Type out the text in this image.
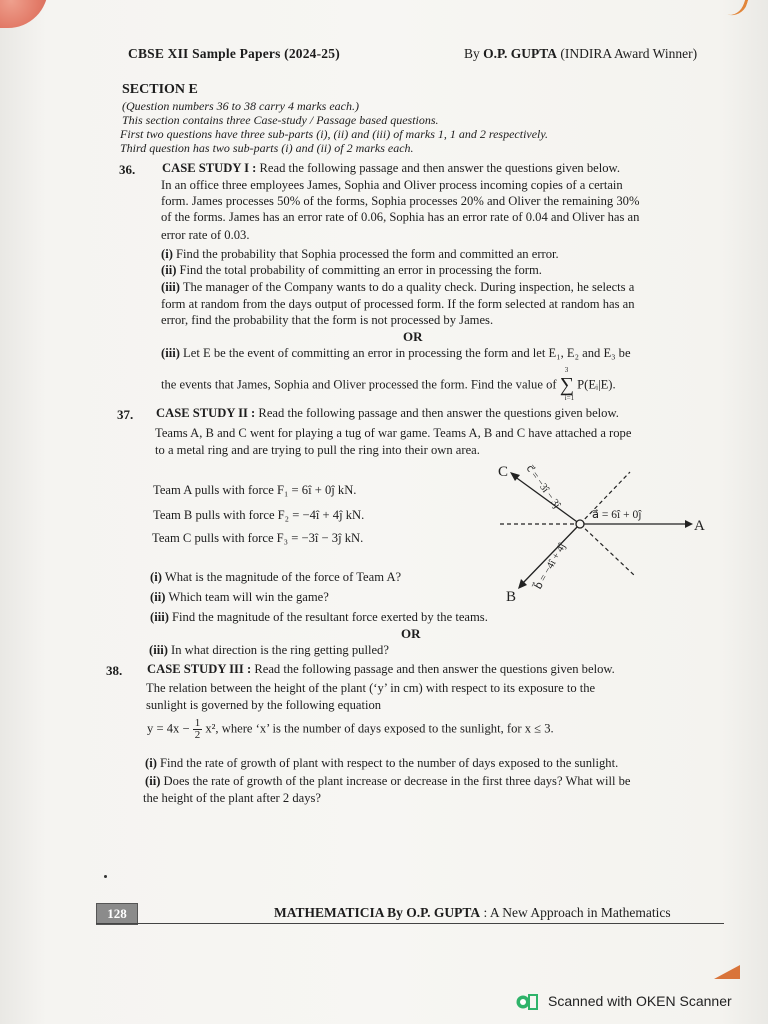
CBSE XII Sample Papers (2024-25)	By O.P. GUPTA (INDIRA Award Winner)
SECTION E
(Question numbers 36 to 38 carry 4 marks each.)
This section contains three Case-study / Passage based questions.
First two questions have three sub-parts (i), (ii) and (iii) of marks 1, 1 and 2 respectively.
Third question has two sub-parts (i) and (ii) of 2 marks each.
36. CASE STUDY I : Read the following passage and then answer the questions given below.
In an office three employees James, Sophia and Oliver process incoming copies of a certain
form. James processes 50% of the forms, Sophia processes 20% and Oliver the remaining 30%
of the forms. James has an error rate of 0.06, Sophia has an error rate of 0.04 and Oliver has an
error rate of 0.03.
(i) Find the probability that Sophia processed the form and committed an error.
(ii) Find the total probability of committing an error in processing the form.
(iii) The manager of the Company wants to do a quality check. During inspection, he selects a
form at random from the days output of processed form. If the form selected at random has an
error, find the probability that the form is not processed by James.
OR
(iii) Let E be the event of committing an error in processing the form and let E₁, E₂ and E₃ be
the events that James, Sophia and Oliver processed the form. Find the value of ∑
3
i=1
P(Eᵢ|E).
37. CASE STUDY II : Read the following passage and then answer the questions given below.
Teams A, B and C went for playing a tug of war game. Teams A, B and C have attached a rope
to a metal ring and are trying to pull the ring into their own area.
Team A pulls with force F₁ = 6î + 0ĵ kN.
Team B pulls with force F₂ = −4î + 4ĵ kN.
Team C pulls with force F₃ = −3î − 3ĵ kN.
C
A
B
a⃗ = 6î + 0ĵ
c⃗ = −3î − 3ĵ
b⃗ = −4î + 4ĵ
(i) What is the magnitude of the force of Team A?
(ii) Which team will win the game?
(iii) Find the magnitude of the resultant force exerted by the teams.
OR
(iii) In what direction is the ring getting pulled?
38. CASE STUDY III : Read the following passage and then answer the questions given below.
The relation between the height of the plant (‘y’ in cm) with respect to its exposure to the
sunlight is governed by the following equation
$y = 4x - \frac{1}{2} x^2$, where ‘x’ is the number of days exposed to the sunlight, for x ≤ 3.
(i) Find the rate of growth of plant with respect to the number of days exposed to the sunlight.
(ii) Does the rate of growth of the plant increase or decrease in the first three days? What will be
the height of the plant after 2 days?
128	MATHEMATICIA By O.P. GUPTA : A New Approach in Mathematics
Scanned with OKEN Scanner
